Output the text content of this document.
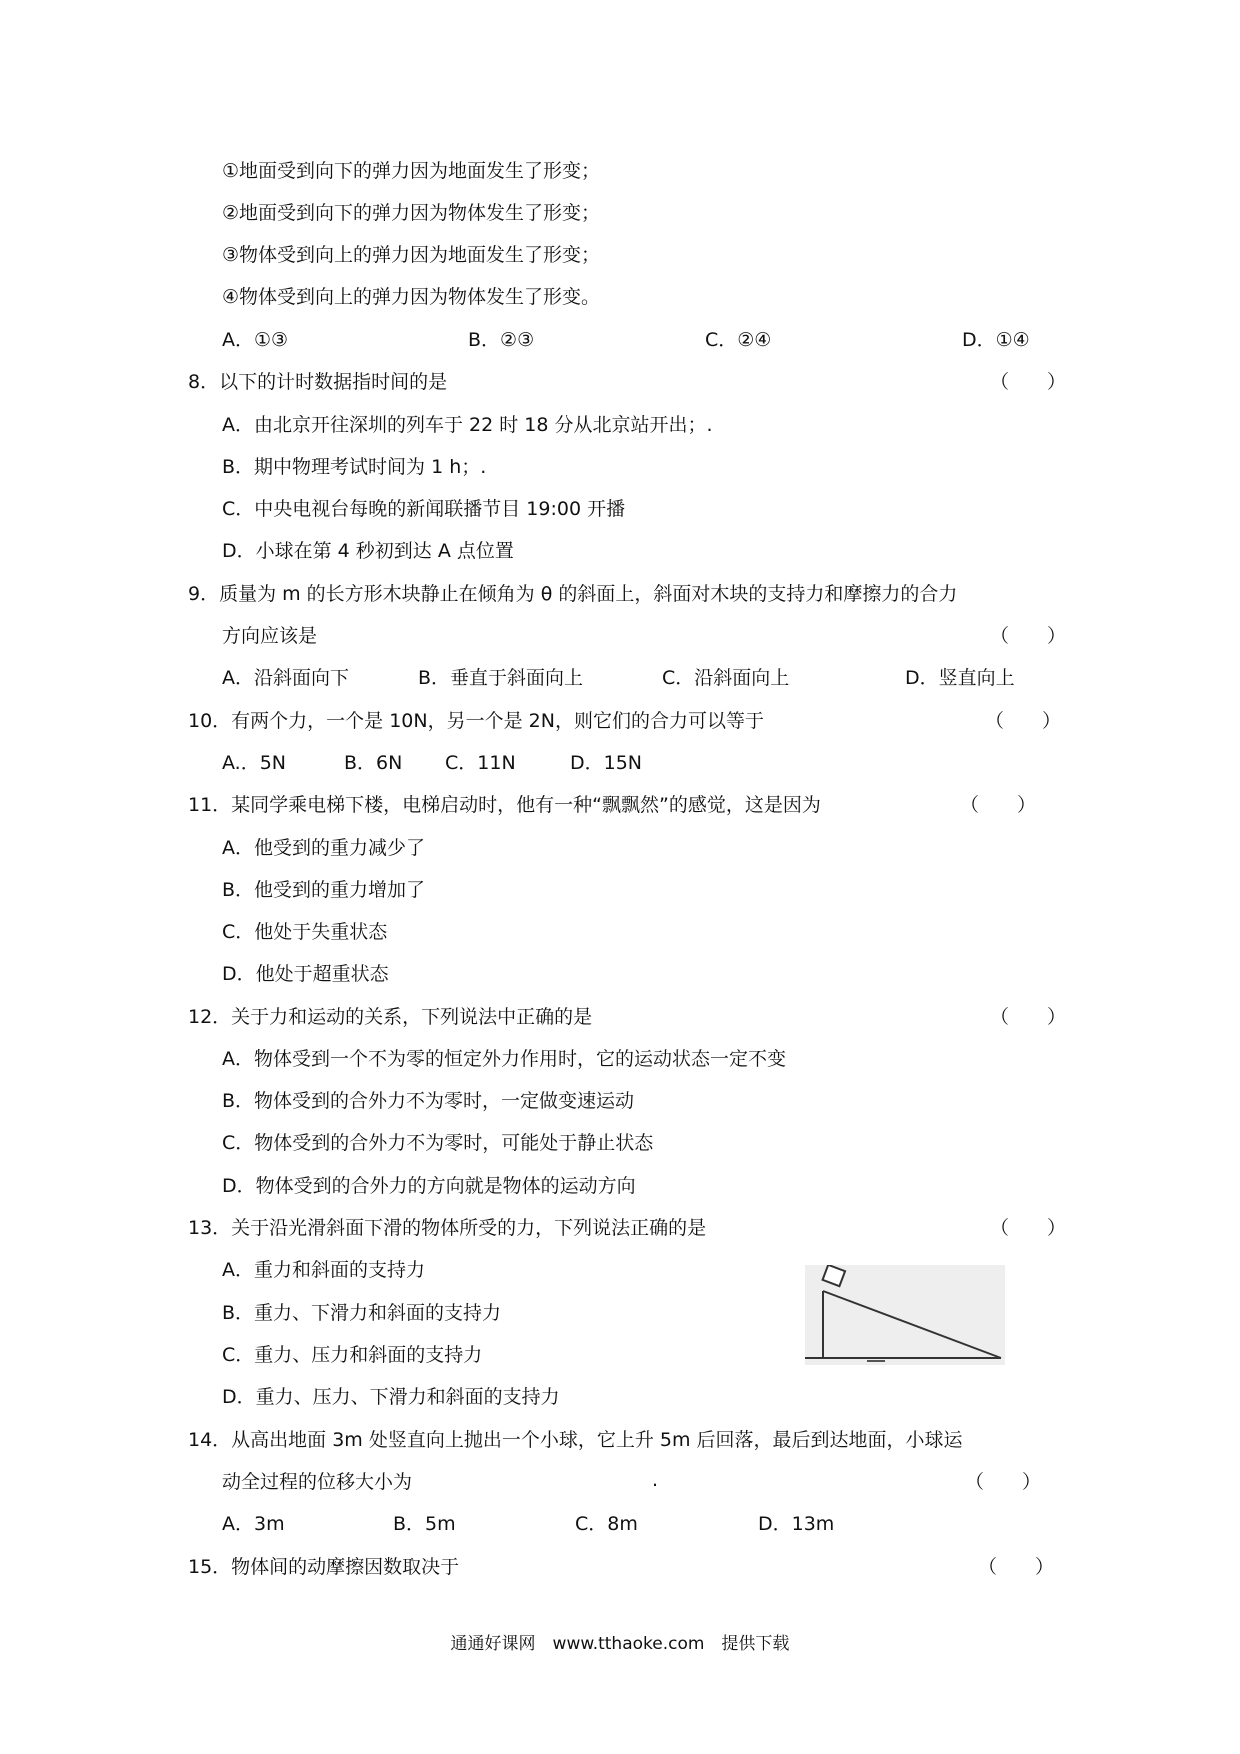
①地面受到向下的弹力因为地面发生了形变；
②地面受到向下的弹力因为物体发生了形变；
③物体受到向上的弹力因为地面发生了形变；
④物体受到向上的弹力因为物体发生了形变。
A．①③	B．②③	C．②④	D．①④
8．以下的计时数据指时间的是	（　　）
A．由北京开往深圳的列车于 22 时 18 分从北京站开出；.
B．期中物理考试时间为 1 h；.
C．中央电视台每晚的新闻联播节目 19:00 开播
D．小球在第 4 秒初到达 A 点位置
9．质量为 m 的长方形木块静止在倾角为 θ 的斜面上，斜面对木块的支持力和摩擦力的合力
方向应该是	（　　）
A．沿斜面向下	B．垂直于斜面向上	C．沿斜面向上	D．竖直向上
10．有两个力，一个是 10N，另一个是 2N，则它们的合力可以等于	（　　）
A.．5N	B．6N C．11N	D．15N
11．某同学乘电梯下楼，电梯启动时，他有一种“飘飘然”的感觉，这是因为	（　　）
A．他受到的重力减少了
B．他受到的重力增加了
C．他处于失重状态
D．他处于超重状态
12．关于力和运动的关系，下列说法中正确的是	（　　）
A．物体受到一个不为零的恒定外力作用时，它的运动状态一定不变
B．物体受到的合外力不为零时，一定做变速运动
C．物体受到的合外力不为零时，可能处于静止状态
D．物体受到的合外力的方向就是物体的运动方向
13．关于沿光滑斜面下滑的物体所受的力，下列说法正确的是	（　　）
A．重力和斜面的支持力
B．重力、下滑力和斜面的支持力
C．重力、压力和斜面的支持力
D．重力、压力、下滑力和斜面的支持力
14．从高出地面 3m 处竖直向上抛出一个小球，它上升 5m 后回落，最后到达地面，小球运
动全过程的位移大小为	.	（　　）
A．3m	B．5m	C．8m	D．13m
15．物体间的动摩擦因数取决于	（　　）
通通好课网　www.tthaoke.com　提供下载
